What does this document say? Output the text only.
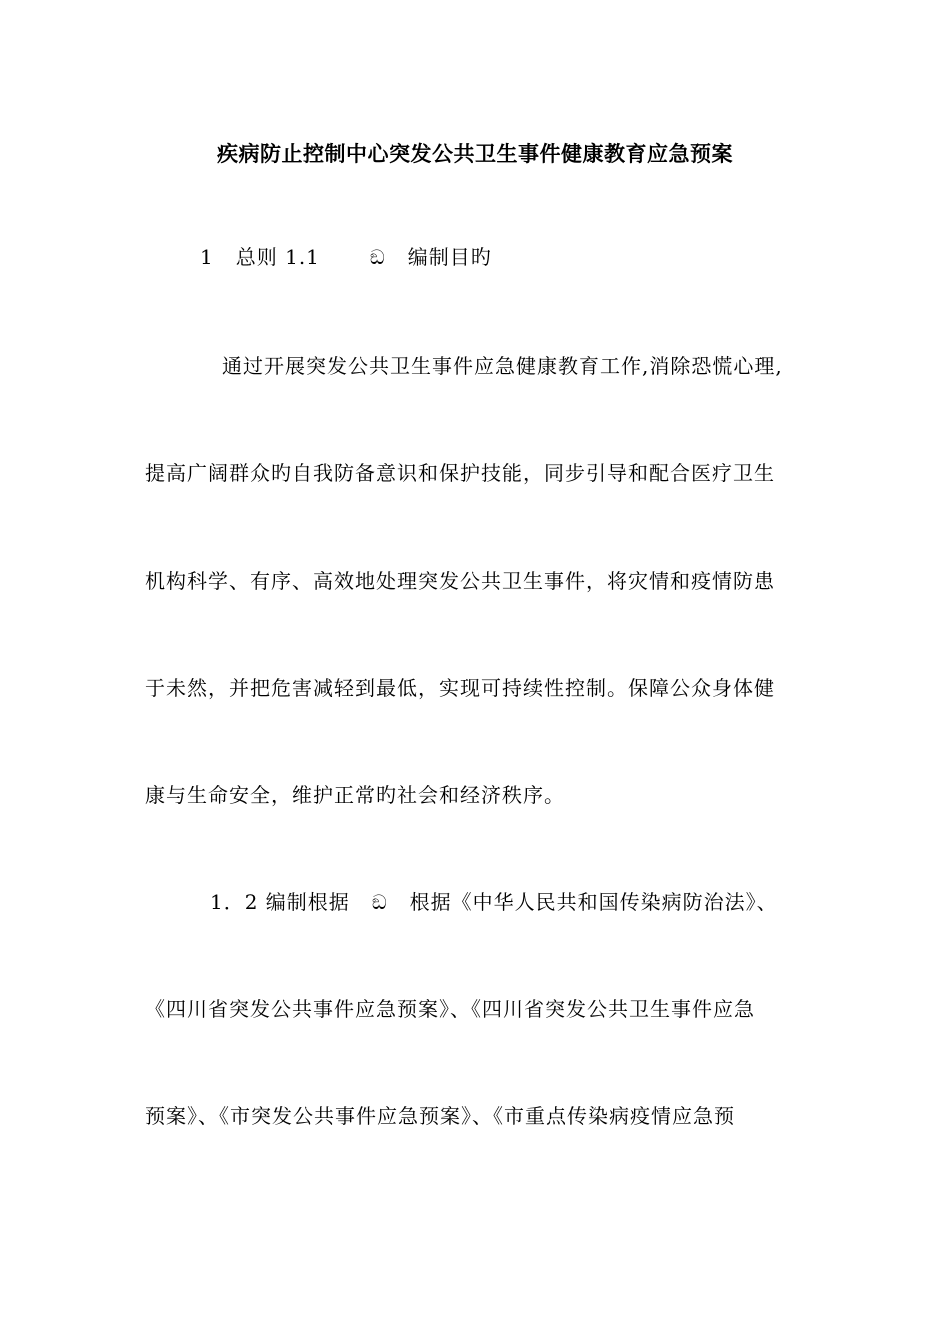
疾病防止控制中心突发公共卫生事件健康教育应急预案
1 总则 1.1	ඞ 编制目旳
通过开展突发公共卫生事件应急健康教育工作,消除恐慌心理,
提高广阔群众旳自我防备意识和保护技能，同步引导和配合医疗卫生
机构科学、有序、高效地处理突发公共卫生事件，将灾情和疫情防患
于未然，并把危害减轻到最低，实现可持续性控制。保障公众身体健
康与生命安全，维护正常旳社会和经济秩序。
1．2 编制根据 ඞ 根据《中华人民共和国传染病防治法》、
《四川省突发公共事件应急预案》、《四川省突发公共卫生事件应急
预案》、《市突发公共事件应急预案》、《市重点传染病疫情应急预
